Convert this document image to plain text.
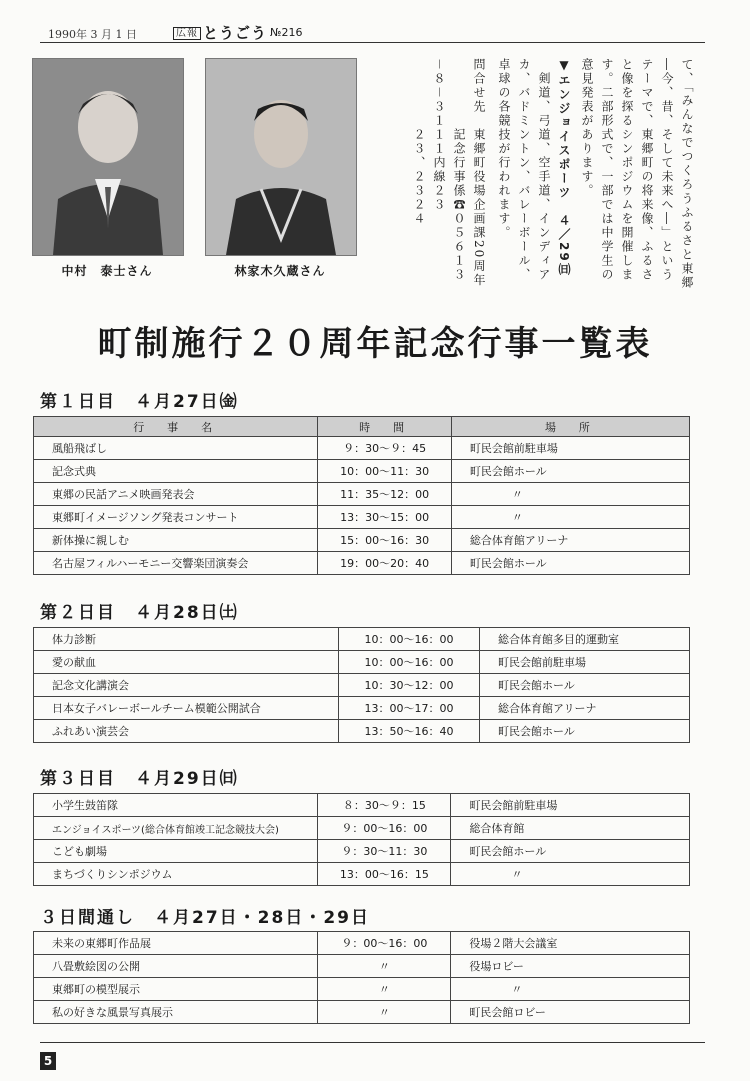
1990年 3 月 1 日	広報 とうごう №216
中村　泰士さん	林家木久蔵さん	て、「みんなでつくろうふるさと東郷
―今、昔、そして未来へ―」という
テーマで、東郷町の将来像、ふるさ
と像を探るシンポジウムを開催しま
す。二部形式で、一部では中学生の
意見発表があります。
▼エンジョイスポーツ　４／29㈰
剣道、弓道、空手道、インディア
カ、バドミントン、バレーボール、
卓球の各競技が行われます。
問合せ先　東郷町役場企画課20周年
記念行事係☎０５６１３
－８－３１１１内線２３
２３、２３２４
町制施行２０周年記念行事一覧表
第１日目　４月27日㈮
行　事　名	時　間	場　所
風船飛ばし	９：30～９：45	町民会館前駐車場
記念式典	10：00～11：30	町民会館ホール
東郷の民話アニメ映画発表会	11：35～12：00	〃
東郷町イメージソング発表コンサート	13：30～15：00	〃
新体操に親しむ	15：00～16：30	総合体育館アリーナ
名古屋フィルハーモニー交響楽団演奏会	19：00～20：40	町民会館ホール
第２日目　４月28日㈯
体力診断	10：00～16：00	総合体育館多目的運動室
愛の献血	10：00～16：00	町民会館前駐車場
記念文化講演会	10：30～12：00	町民会館ホール
日本女子バレーボールチーム模範公開試合	13：00～17：00	総合体育館アリーナ
ふれあい演芸会	13：50～16：40	町民会館ホール
第３日目　４月29日㈰
小学生鼓笛隊	８：30～９：15	町民会館前駐車場
エンジョイスポーツ(総合体育館竣工記念競技大会)	９：00～16：00	総合体育館
こども劇場	９：30～11：30	町民会館ホール
まちづくりシンポジウム	13：00～16：15	〃
３日間通し　４月27日・28日・29日
未来の東郷町作品展	９：00～16：00	役場２階大会議室
八畳敷絵図の公開	〃	役場ロビー
東郷町の模型展示	〃	〃
私の好きな風景写真展示	〃	町民会館ロビー
5
